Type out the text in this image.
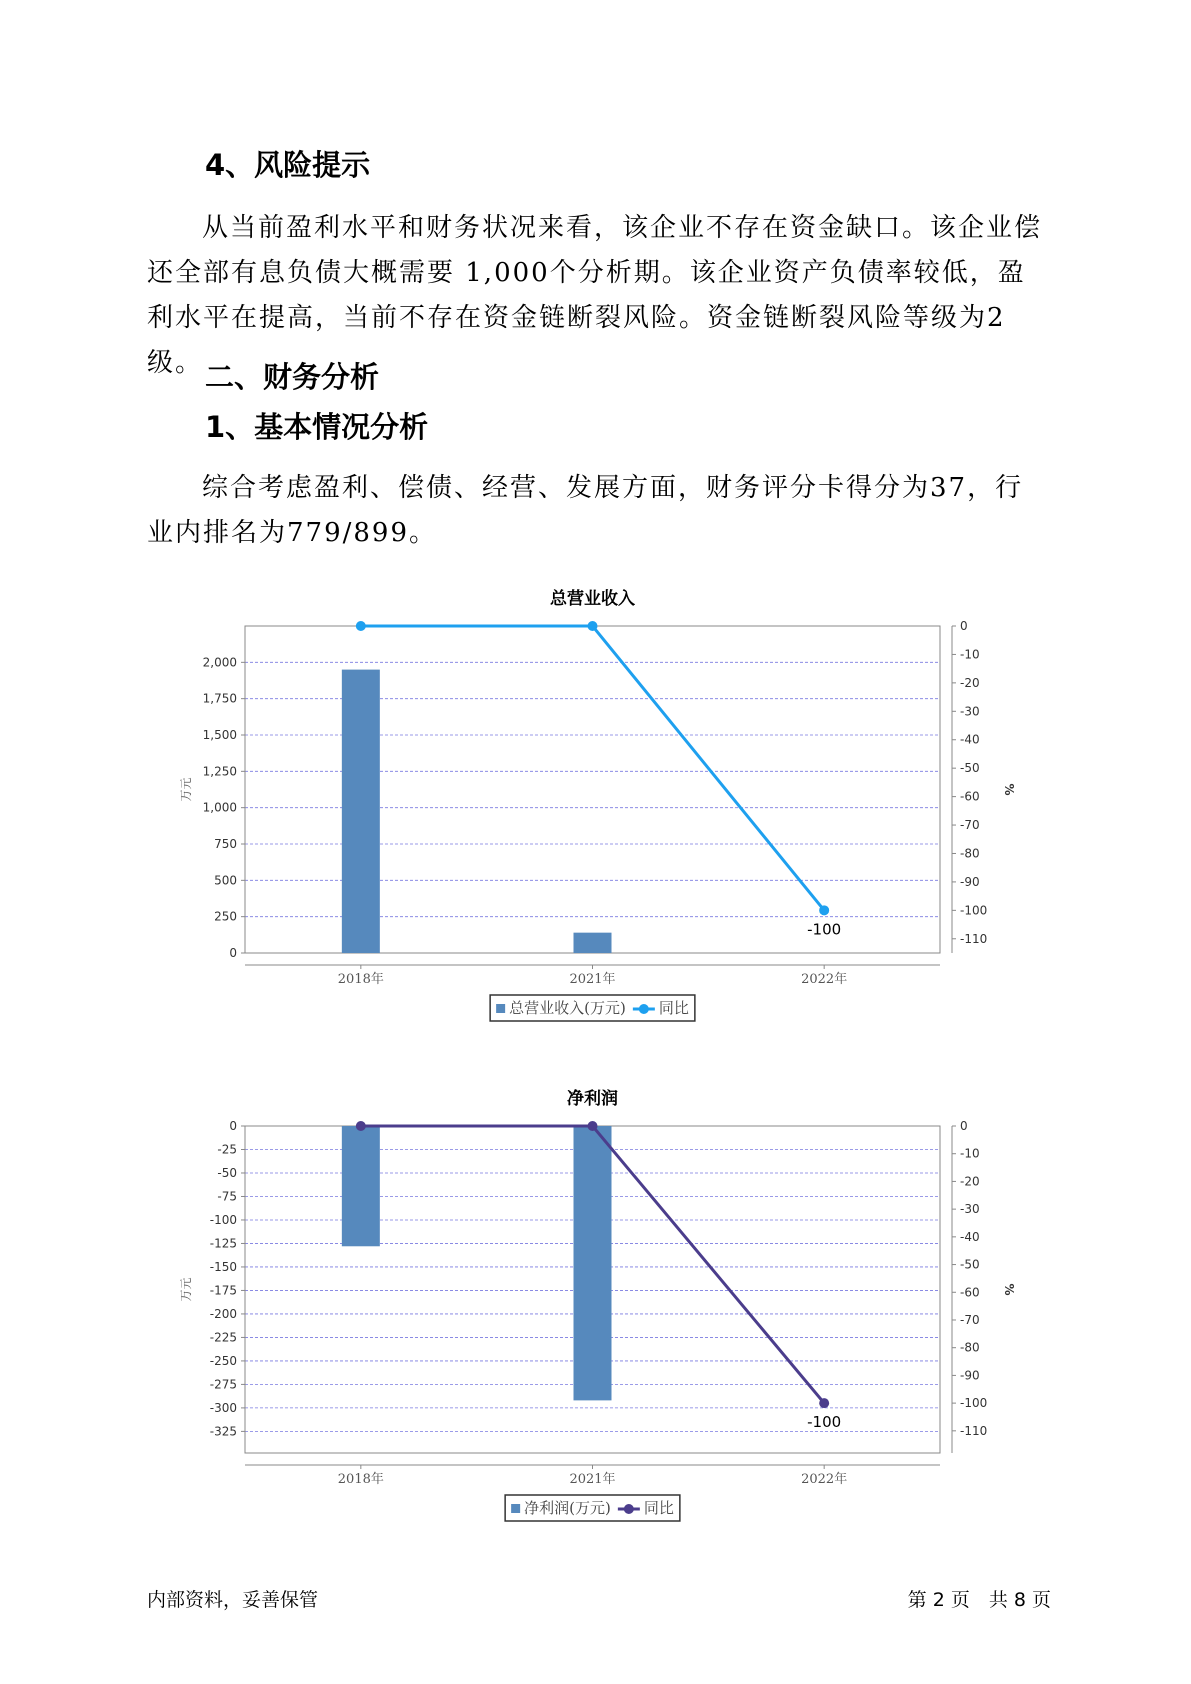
4、风险提示

从当前盈利水平和财务状况来看，该企业不存在资金缺口。该企业偿还全部有息负债大概需要 1,000个分析期。该企业资产负债率较低，盈利水平在提高，当前不存在资金链断裂风险。资金链断裂风险等级为2级。 二、财务分析
1、基本情况分析

综合考虑盈利、偿债、经营、发展方面，财务评分卡得分为37，行业内排名为779/899。

总营业收入
0
250
500
750
1,000
1,250
1,500
1,750
2,000
万元
0
-10
-20
-30
-40
-50
-60
-70
-80
-90
-100
-110
%
2018年	2021年	2022年
-100
总营业收入(万元) 同比
净利润
0
-25
-50
-75
-100
-125
-150
-175
-200
-225
-250
-275
-300
-325
万元
0
-10
-20
-30
-40
-50
-60
-70
-80
-90
-100
-110
%
2018年	2021年	2022年
-100
净利润(万元) 同比
内部资料，妥善保管	第 2 页　共 8 页
